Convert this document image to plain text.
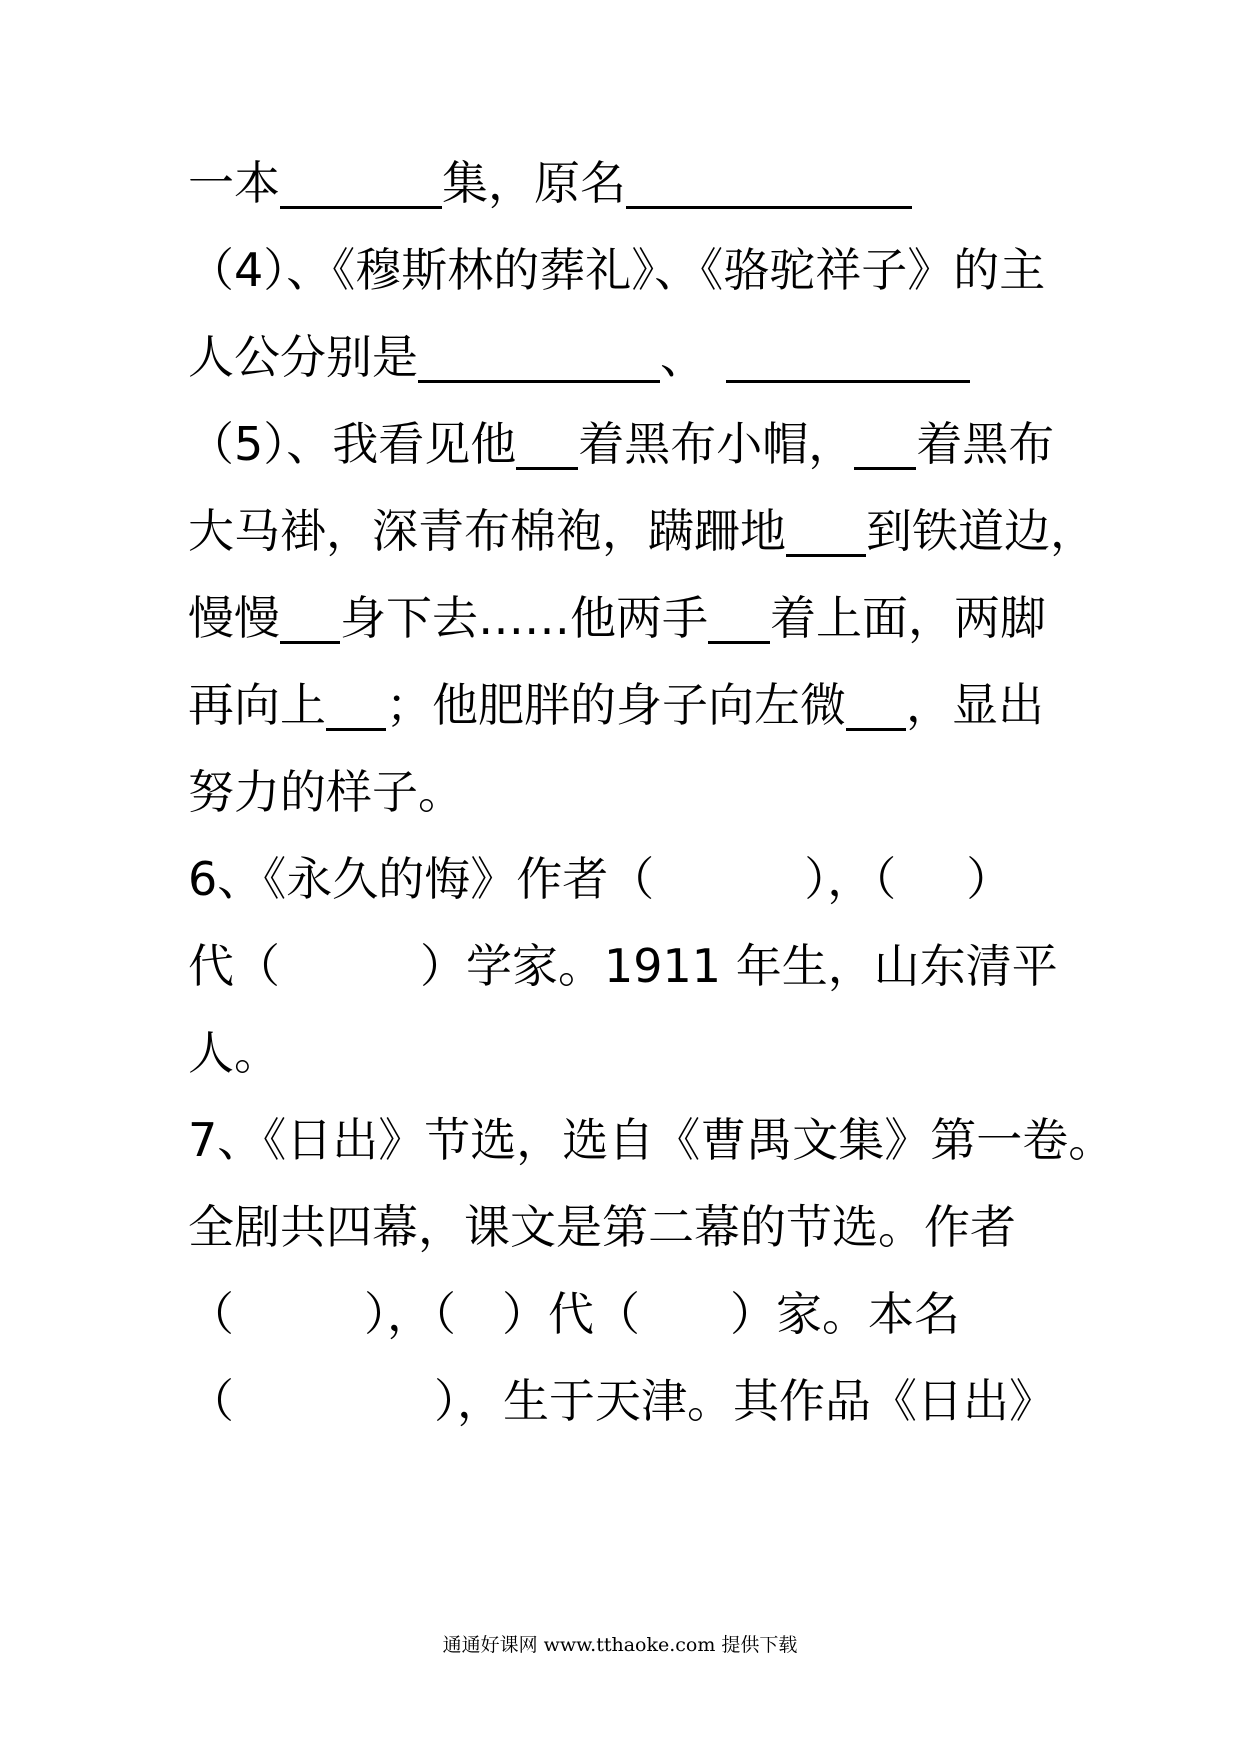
一本	集，原名
（4）、《穆斯林的葬礼》、《骆驼祥子》的主
人公分别是	、
（5）、我看见他 着黑布小帽， 着黑布
大马褂，深青布棉袍，蹒跚地 到铁道边，
慢慢 身下去……他两手 着上面，两脚
再向上 ；他肥胖的身子向左微 ，显出
努力的样子。
6、《永久的悔》作者（	），（ ）
代（	）学家。1911 年生，山东清平
人。
7、《日出》节选，选自《曹禺文集》第一卷。
全剧共四幕，课文是第二幕的节选。作者
（	），（ ）代（ ）家。本名
（	），生于天津。其作品《日出》
通通好课网 www.tthaoke.com 提供下载
